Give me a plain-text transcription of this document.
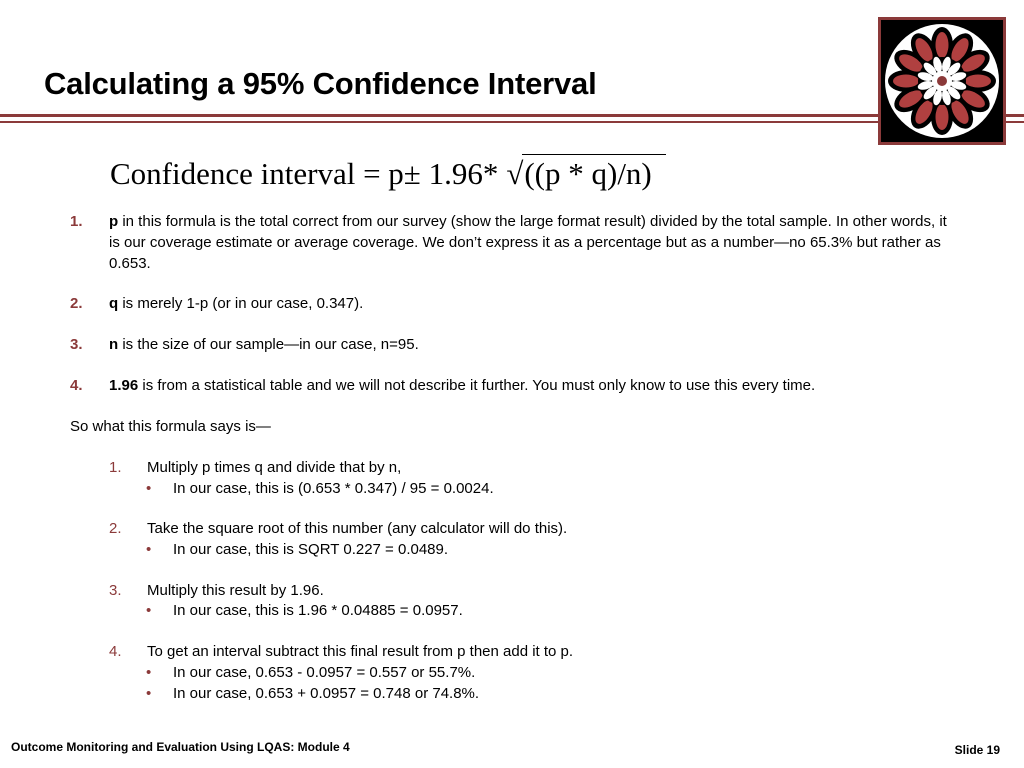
Calculating a 95% Confidence Interval
Confidence interval = p± 1.96* √ ((p * q)/n)
1. p in this formula is the total correct from our survey (show the large format result) divided by the total sample. In other words, it is our coverage estimate or average coverage. We don’t express it as a percentage but as a number—no 65.3% but rather as 0.653.
2. q is merely 1-p (or in our case, 0.347).
3. n is the size of our sample—in our case, n=95.
4. 1.96 is from a statistical table and we will not describe it further. You must only know to use this every time.
So what this formula says is—
1. Multiply p times q and divide that by n,
• In our case, this is (0.653 * 0.347) / 95 = 0.0024.
2. Take the square root of this number (any calculator will do this).
• In our case, this is SQRT 0.227 = 0.0489.
3. Multiply this result by 1.96.
• In our case, this is 1.96 * 0.04885 = 0.0957.
4. To get an interval subtract this final result from p then add it to p.
• In our case, 0.653 - 0.0957 = 0.557 or 55.7%.
• In our case, 0.653 + 0.0957 = 0.748 or 74.8%.
Outcome Monitoring and Evaluation Using LQAS: Module 4	Slide 19
